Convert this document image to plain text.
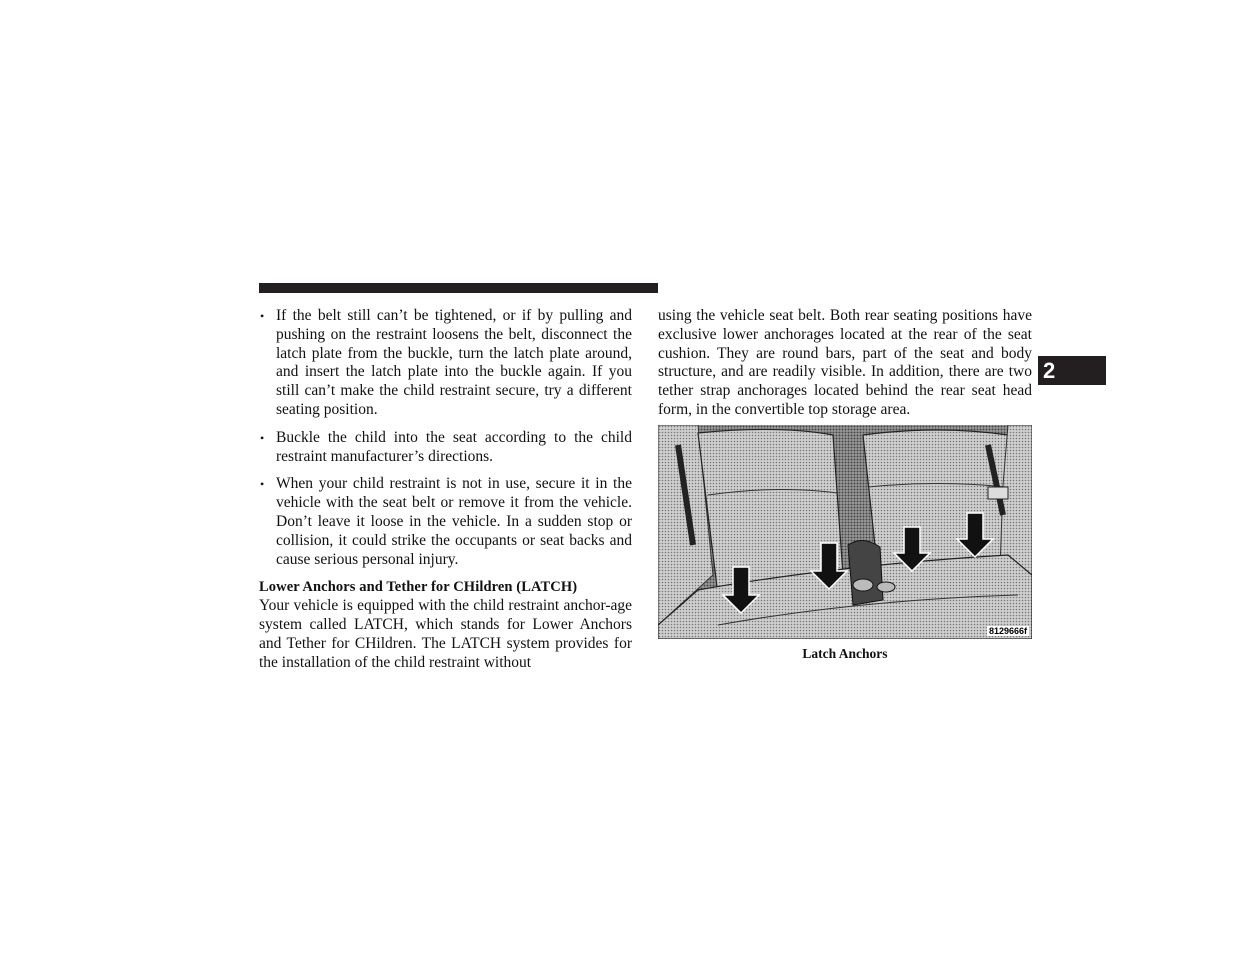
2
• If the belt still can’t be tightened, or if by pulling and pushing on the restraint loosens the belt, disconnect the latch plate from the buckle, turn the latch plate around, and insert the latch plate into the buckle again. If you still can’t make the child restraint secure, try a different seating position.

• Buckle the child into the seat according to the child restraint manufacturer’s directions.

• When your child restraint is not in use, secure it in the vehicle with the seat belt or remove it from the vehicle. Don’t leave it loose in the vehicle. In a sudden stop or collision, it could strike the occupants or seat backs and cause serious personal injury.

Lower Anchors and Tether for CHildren (LATCH)

Your vehicle is equipped with the child restraint anchor-age system called LATCH, which stands for Lower Anchors and Tether for CHildren. The LATCH system provides for the installation of the child restraint without

using the vehicle seat belt. Both rear seating positions have exclusive lower anchorages located at the rear of the seat cushion. They are round bars, part of the seat and body structure, and are readily visible. In addition, there are two tether strap anchorages located behind the rear seat head form, in the convertible top storage area.

8129666f
Latch Anchors
